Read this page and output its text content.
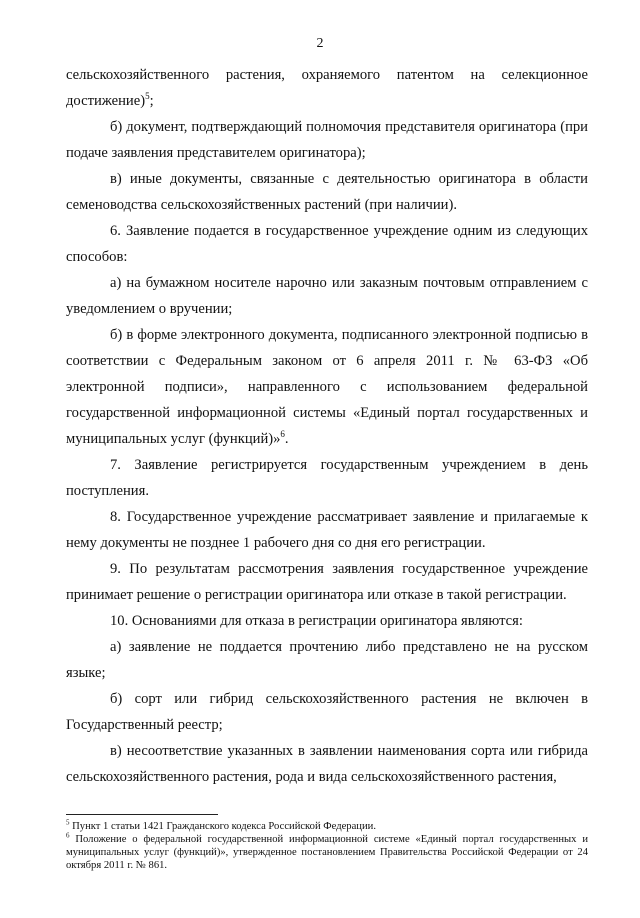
2

сельскохозяйственного растения, охраняемого патентом на селекционное достижение)$^5$;

б) документ, подтверждающий полномочия представителя оригинатора (при подаче заявления представителем оригинатора);

в) иные документы, связанные с деятельностью оригинатора в области семеноводства сельскохозяйственных растений (при наличии).

6. Заявление подается в государственное учреждение одним из следующих способов:

а) на бумажном носителе нарочно или заказным почтовым отправлением с уведомлением о вручении;

б) в форме электронного документа, подписанного электронной подписью в соответствии с Федеральным законом от 6 апреля 2011 г. № 63-ФЗ «Об электронной подписи», направленного с использованием федеральной государственной информационной системы «Единый портал государственных и муниципальных услуг (функций)»$^6$.

7. Заявление регистрируется государственным учреждением в день поступления.

8. Государственное учреждение рассматривает заявление и прилагаемые к нему документы не позднее 1 рабочего дня со дня его регистрации.

9. По результатам рассмотрения заявления государственное учреждение принимает решение о регистрации оригинатора или отказе в такой регистрации.

10. Основаниями для отказа в регистрации оригинатора являются:

а) заявление не поддается прочтению либо представлено не на русском языке;

б) сорт или гибрид сельскохозяйственного растения не включен в Государственный реестр;

в) несоответствие указанных в заявлении наименования сорта или гибрида сельскохозяйственного растения, рода и вида сельскохозяйственного растения,

$^5$ Пункт 1 статьи 1421 Гражданского кодекса Российской Федерации.

$^6$ Положение о федеральной государственной информационной системе «Единый портал государственных и муниципальных услуг (функций)», утвержденное постановлением Правительства Российской Федерации от 24 октября 2011 г. № 861.
